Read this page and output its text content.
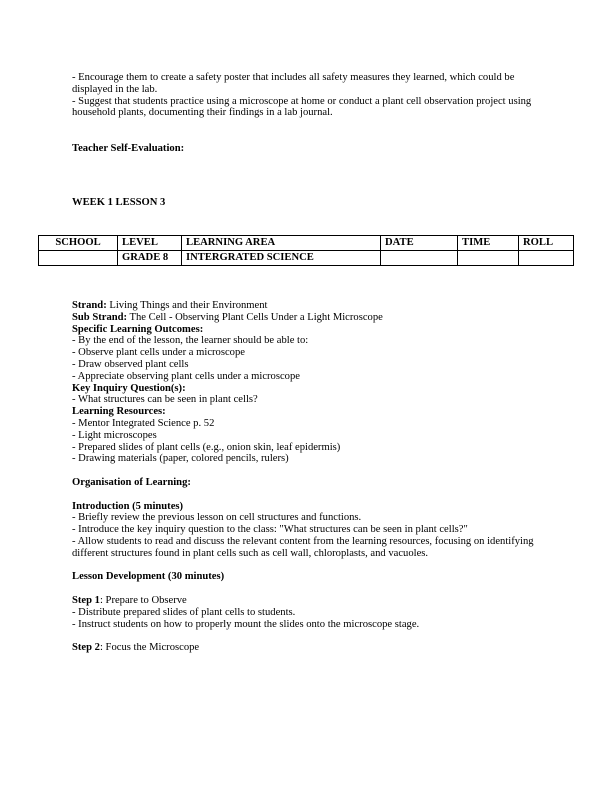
- Encourage them to create a safety poster that includes all safety measures they learned, which could be displayed in the lab.

- Suggest that students practice using a microscope at home or conduct a plant cell observation project using household plants, documenting their findings in a lab journal.

Teacher Self-Evaluation:

WEEK 1 LESSON 3

SCHOOL	LEVEL	LEARNING AREA	DATE	TIME	ROLL
	GRADE 8	INTERGRATED SCIENCE			

Strand: Living Things and their Environment

Sub Strand: The Cell - Observing Plant Cells Under a Light Microscope

Specific Learning Outcomes:

- By the end of the lesson, the learner should be able to:

- Observe plant cells under a microscope

- Draw observed plant cells

- Appreciate observing plant cells under a microscope

Key Inquiry Question(s):

- What structures can be seen in plant cells?

Learning Resources:

- Mentor Integrated Science p. 52

- Light microscopes

- Prepared slides of plant cells (e.g., onion skin, leaf epidermis)

- Drawing materials (paper, colored pencils, rulers)

Organisation of Learning:

Introduction (5 minutes)

- Briefly review the previous lesson on cell structures and functions.

- Introduce the key inquiry question to the class: "What structures can be seen in plant cells?"

- Allow students to read and discuss the relevant content from the learning resources, focusing on identifying different structures found in plant cells such as cell wall, chloroplasts, and vacuoles.

Lesson Development (30 minutes)

Step 1: Prepare to Observe

- Distribute prepared slides of plant cells to students.

- Instruct students on how to properly mount the slides onto the microscope stage.

Step 2: Focus the Microscope
